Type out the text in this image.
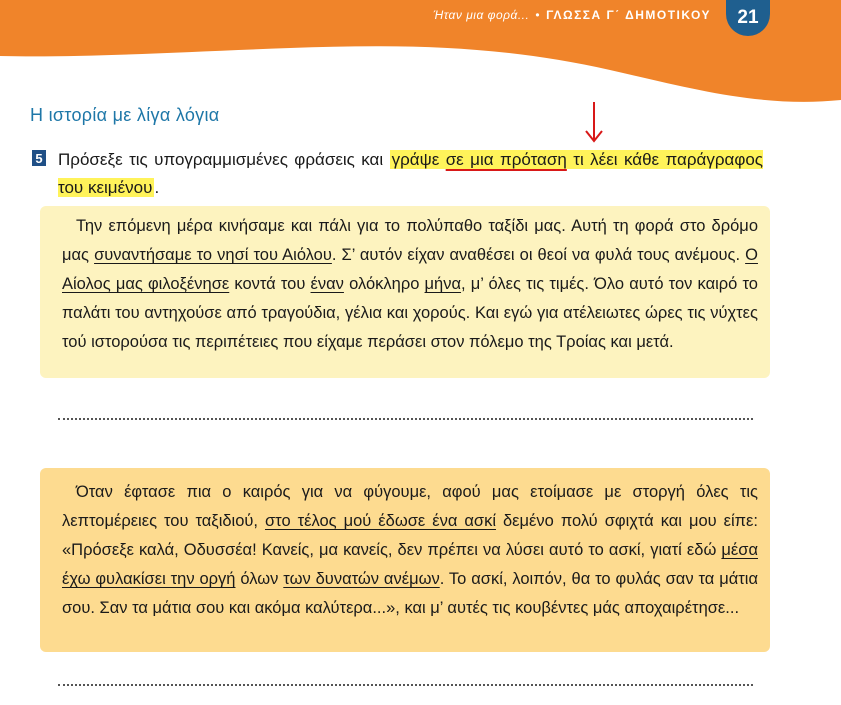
Ήταν μια φορά... • ΓΛΩΣΣΑ Γ΄ ΔΗΜΟΤΙΚΟΥ 21
Η ιστορία με λίγα λόγια
5 Πρόσεξε τις υπογραμμισμένες φράσεις και γράψε σε μια πρόταση τι λέει κάθε παράγραφος του κειμένου .

Την επόμενη μέρα κινήσαμε και πάλι για το πολύπαθο ταξίδι μας. Αυτή τη φορά στο δρόμο μας συναντήσαμε το νησί του Αιόλου. Σ’ αυτόν είχαν αναθέσει οι θεοί να φυλά τους ανέμους. Ο Αίολος μας φιλοξένησε κοντά του έναν ολόκληρο μήνα, μ’ όλες τις τιμές. Όλο αυτό τον καιρό το παλάτι του αντηχούσε από τραγούδια, γέλια και χορούς. Και εγώ για ατέλειωτες ώρες τις νύχτες τού ιστορούσα τις περιπέτειες που είχαμε περάσει στον πόλεμο της Τροίας και μετά.

Όταν έφτασε πια ο καιρός για να φύγουμε, αφού μας ετοίμασε με στοργή όλες τις λεπτομέρειες του ταξιδιού, στο τέλος μού έδωσε ένα ασκί δεμένο πολύ σφιχτά και μου είπε: «Πρόσεξε καλά, Οδυσσέα! Κανείς, μα κανείς, δεν πρέπει να λύσει αυτό το ασκί, γιατί εδώ μέσα έχω φυλακίσει την οργή όλων των δυνατών ανέμων. Το ασκί, λοιπόν, θα το φυλάς σαν τα μάτια σου. Σαν τα μάτια σου και ακόμα καλύτερα...», και μ’ αυτές τις κουβέντες μάς αποχαιρέτησε...
